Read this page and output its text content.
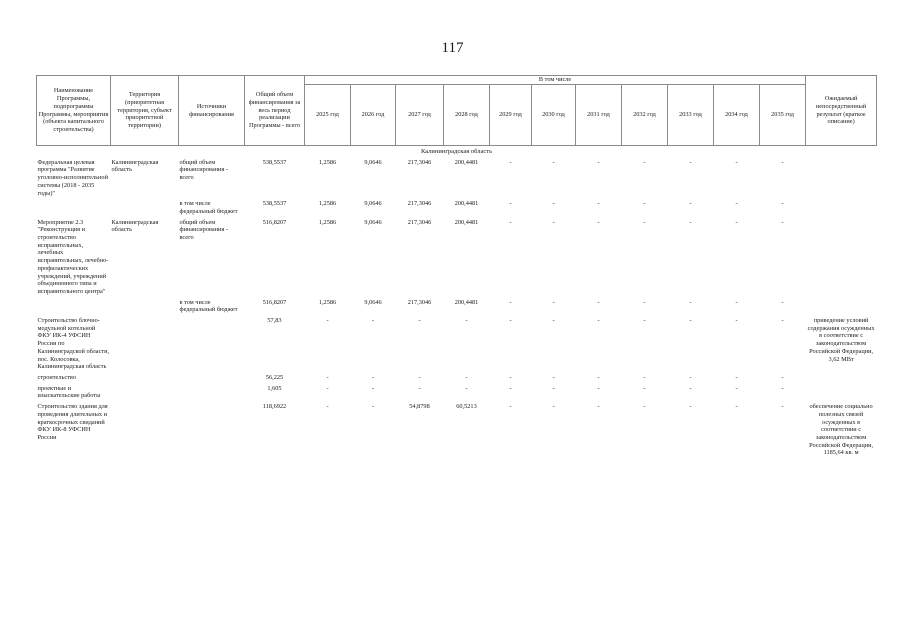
117
Наименование Программы, подпрограммы Программы, мероприятия (объекта капитального строительства)	Территория (приоритетная территория, субъект приоритетной территории)	Источники финансирования	Общий объем финансирования за весь период реализации Программы - всего	В том числе											Ожидаемый непосредственный результат (краткое описание)
				2025 год	2026 год	2027 год	2028 год	2029 год	2030 год	2031 год	2032 год	2033 год	2034 год	2035 год	
Калининградская область															
Федеральная целевая программа "Развитие уголовно-исполнительной системы (2018 - 2035 годы)"	Калининградская область	общий объем финансирования - всего	538,5537	1,2586	9,0646	217,3046	200,4481	-	-	-	-	-	-	-	
		в том числе федеральный бюджет	538,5537	1,2586	9,0646	217,3046	200,4481	-	-	-	-	-	-	-	
Мероприятие 2.3 "Реконструкция и строительство исправительных, лечебных исправительных, лечебно-профилактических учреждений, учреждений объединенного типа и исправительного центра"	Калининградская область	общий объем финансирования - всего	516,8207	1,2586	9,0646	217,3046	200,4481	-	-	-	-	-	-	-	
		в том числе федеральный бюджет	516,8207	1,2586	9,0646	217,3046	200,4481	-	-	-	-	-	-	-	
Строительство блочно-модульной котельной ФКУ ИК-4 УФСИН России по Калининградской области, пос. Колосовка, Калининградская область			57,83	-	-	-	-	-	-	-	-	-	-	-	приведение условий содержания осужденных в соответствие с законодательством Российской Федерации, 3,62 МВт
строительство			56,225	-	-	-	-	-	-	-	-	-	-	-	
проектные и изыскательские работы			1,605	-	-	-	-	-	-	-	-	-	-	-	
Строительство здания для проведения длительных и краткосрочных свиданий ФКУ ИК-8 УФСИН России			118,6922	-	-	54,8798	60,5213	-	-	-	-	-	-	-	обеспечение социально полезных связей осужденных в соответствии с законодательством Российской Федерации, 1185,64 кв. м
